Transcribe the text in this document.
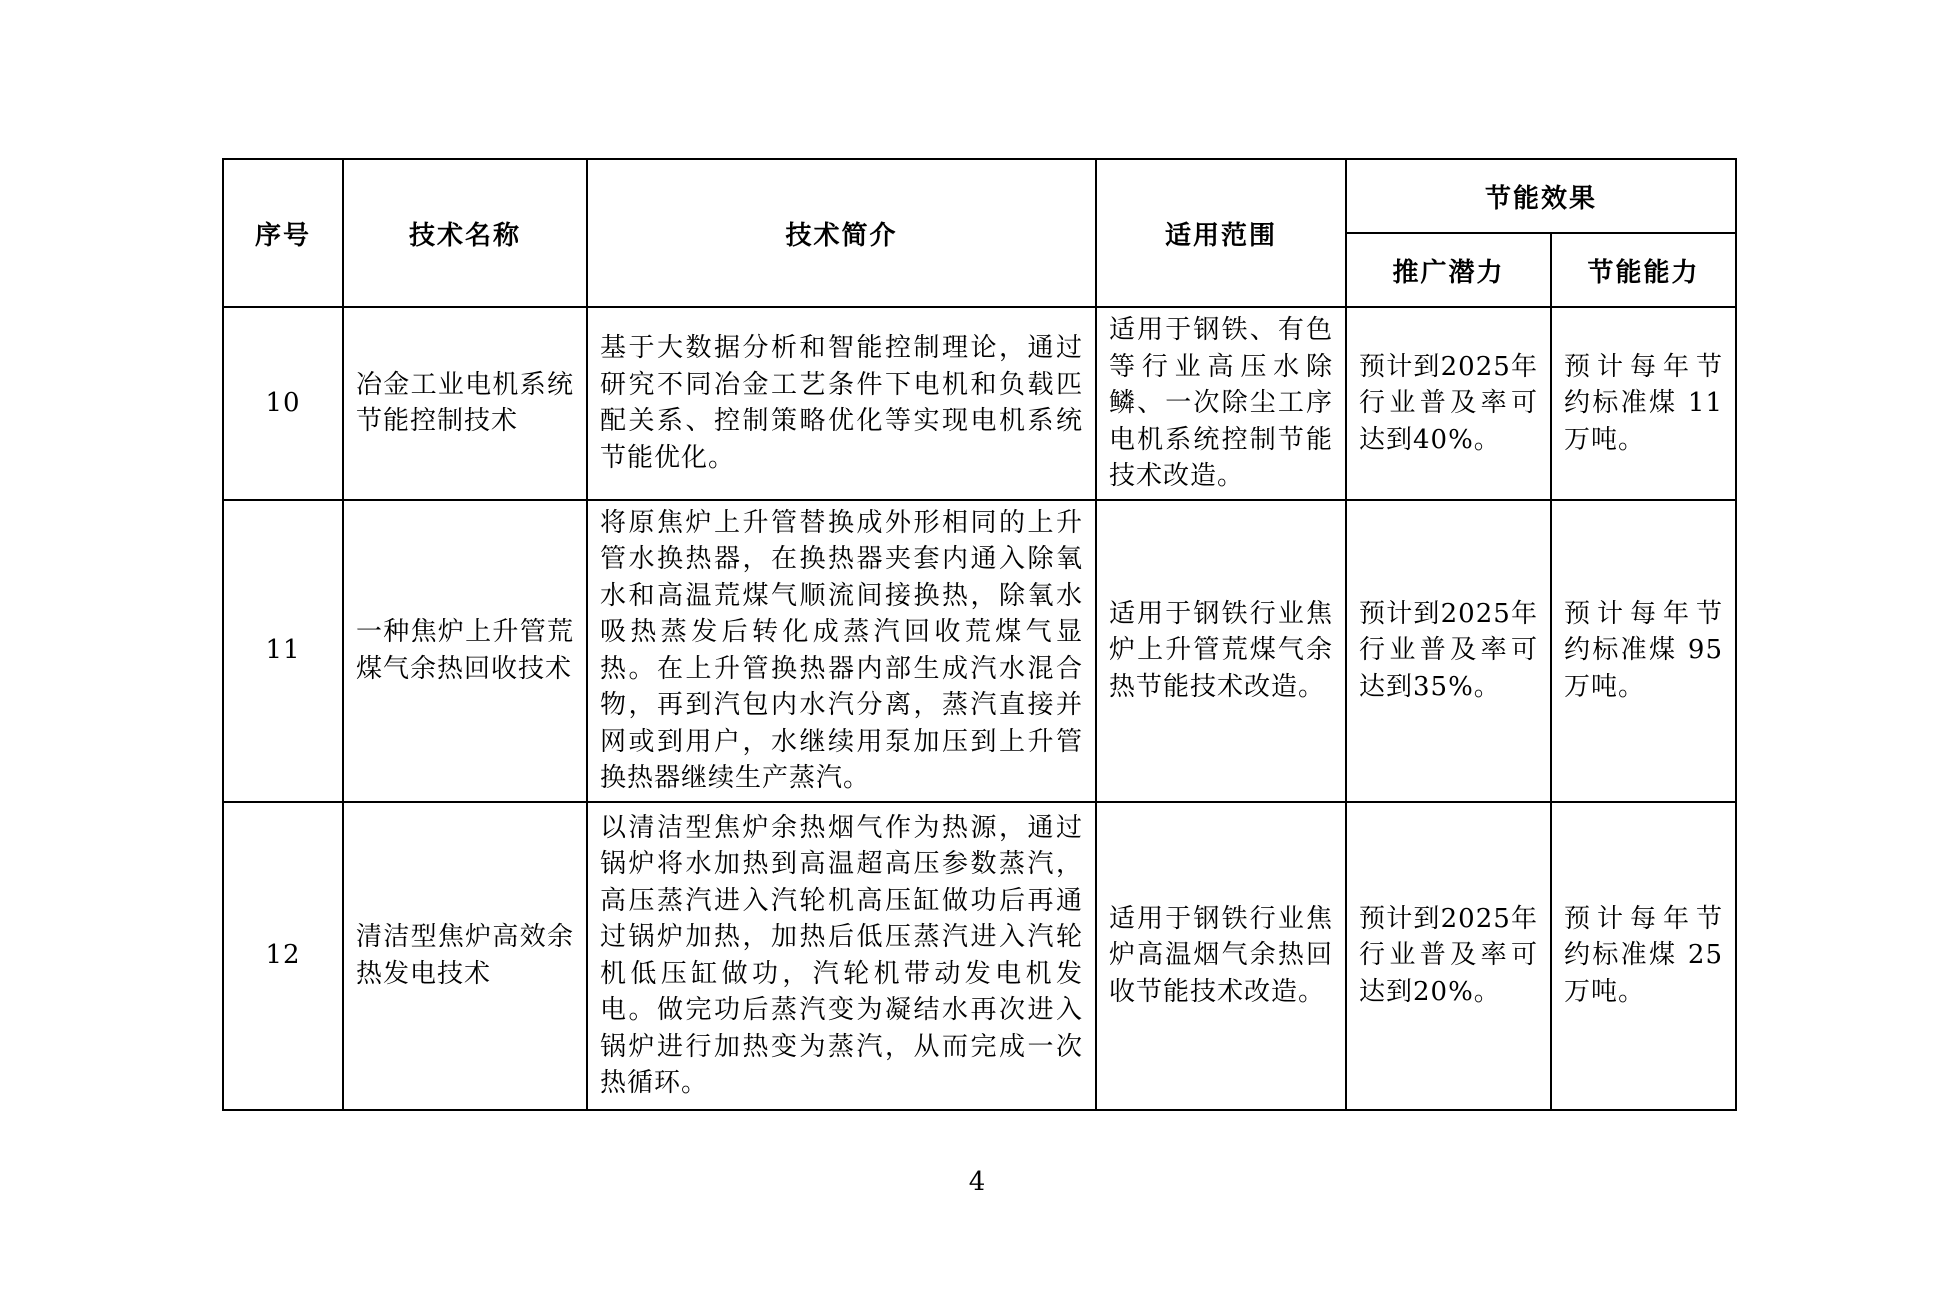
序号	技术名称	技术简介	适用范围	节能效果	
				推广潜力	节能能力
10	冶金工业电机系统节能控制技术	基于大数据分析和智能控制理论，通过研究不同冶金工艺条件下电机和负载匹配关系、控制策略优化等实现电机系统节能优化。	适用于钢铁、有色等行业高压水除鳞、一次除尘工序电机系统控制节能技术改造。	预计到2025年行业普及率可达到40%。	预计每年节约标准煤 11万吨。
11	一种焦炉上升管荒煤气余热回收技术	将原焦炉上升管替换成外形相同的上升管水换热器，在换热器夹套内通入除氧水和高温荒煤气顺流间接换热，除氧水吸热蒸发后转化成蒸汽回收荒煤气显热。在上升管换热器内部生成汽水混合物，再到汽包内水汽分离，蒸汽直接并网或到用户，水继续用泵加压到上升管换热器继续生产蒸汽。	适用于钢铁行业焦炉上升管荒煤气余热节能技术改造。	预计到2025年行业普及率可达到35%。	预计每年节约标准煤 95万吨。
12	清洁型焦炉高效余热发电技术	以清洁型焦炉余热烟气作为热源，通过锅炉将水加热到高温超高压参数蒸汽，高压蒸汽进入汽轮机高压缸做功后再通过锅炉加热，加热后低压蒸汽进入汽轮机低压缸做功，汽轮机带动发电机发电。做完功后蒸汽变为凝结水再次进入锅炉进行加热变为蒸汽，从而完成一次热循环。	适用于钢铁行业焦炉高温烟气余热回收节能技术改造。	预计到2025年行业普及率可达到20%。	预计每年节约标准煤 25万吨。
4
